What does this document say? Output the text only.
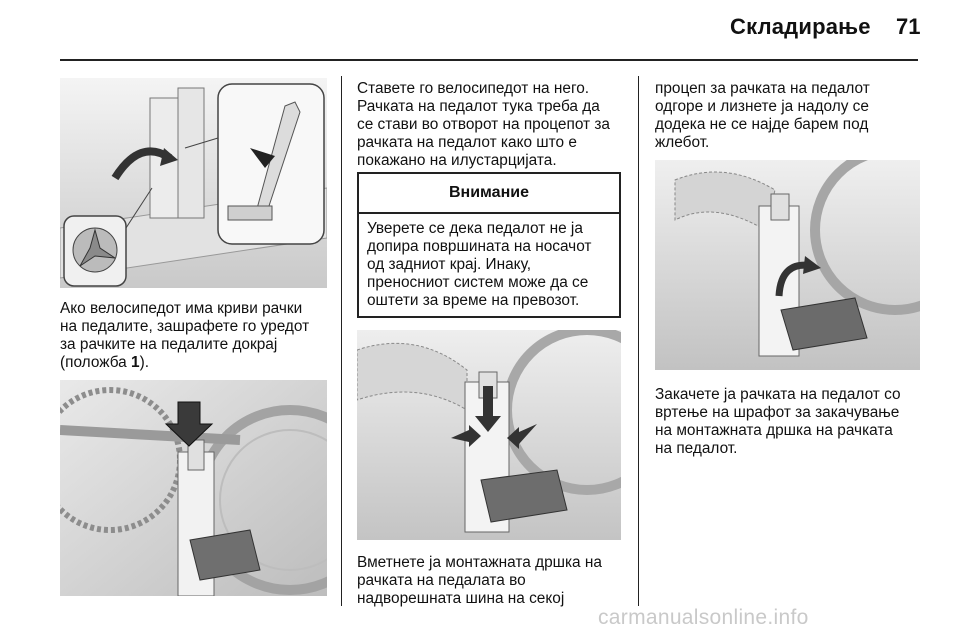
Складирање 71

Ако велосипедот има криви рачки

на педалите, зашрафете го уредот

за рачките на педалите докрај

(положба 1).

Ставете го велосипедот на него.

Рачката на педалот тука треба да

се стави во отворот на процепот за

рачката на педалот како што е

покажано на илустарцијата.

Внимание

Уверете се дека педалот не ја

допира површината на носачот

од задниот крај. Инаку,

преносниот систем може да се

оштети за време на превозот.

Вметнете ја монтажната дршка на

рачката на педалата во

надворешната шина на секој

процеп за рачката на педалот

одгоре и лизнете ја надолу се

додека не се најде барем под

жлебот.

Закачете ја рачката на педалот со

вртење на шрафот за закачување

на монтажната дршка на рачката

на педалот.

carmanualsonline.info
